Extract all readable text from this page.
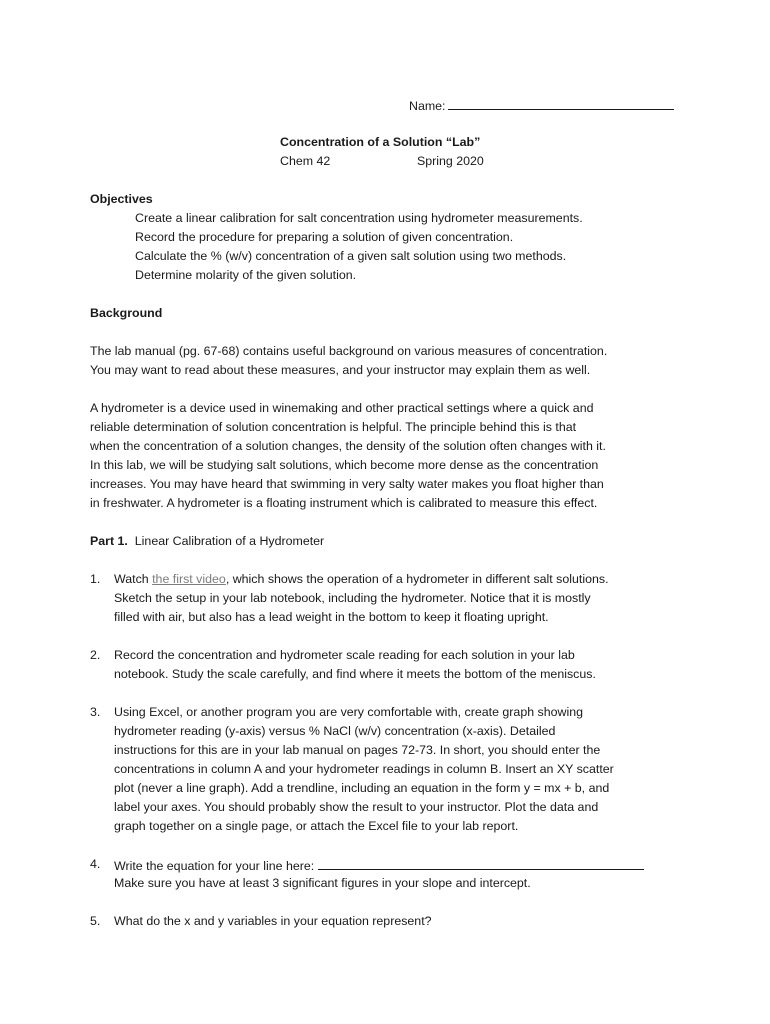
Name:
Concentration of a Solution “Lab”
Chem 42	Spring 2020
Objectives
Create a linear calibration for salt concentration using hydrometer measurements.
Record the procedure for preparing a solution of given concentration.
Calculate the % (w/v) concentration of a given salt solution using two methods.
Determine molarity of the given solution.
Background
The lab manual (pg. 67-68) contains useful background on various measures of concentration.
You may want to read about these measures, and your instructor may explain them as well.
A hydrometer is a device used in winemaking and other practical settings where a quick and
reliable determination of solution concentration is helpful. The principle behind this is that
when the concentration of a solution changes, the density of the solution often changes with it.
In this lab, we will be studying salt solutions, which become more dense as the concentration
increases. You may have heard that swimming in very salty water makes you float higher than
in freshwater. A hydrometer is a floating instrument which is calibrated to measure this effect.
Part 1. Linear Calibration of a Hydrometer
1. Watch the first video, which shows the operation of a hydrometer in different salt solutions.
Sketch the setup in your lab notebook, including the hydrometer. Notice that it is mostly
filled with air, but also has a lead weight in the bottom to keep it floating upright.
2. Record the concentration and hydrometer scale reading for each solution in your lab
notebook. Study the scale carefully, and find where it meets the bottom of the meniscus.
3. Using Excel, or another program you are very comfortable with, create graph showing
hydrometer reading (y-axis) versus % NaCl (w/v) concentration (x-axis). Detailed
instructions for this are in your lab manual on pages 72-73. In short, you should enter the
concentrations in column A and your hydrometer readings in column B. Insert an XY scatter
plot (never a line graph). Add a trendline, including an equation in the form y = mx + b, and
label your axes. You should probably show the result to your instructor. Plot the data and
graph together on a single page, or attach the Excel file to your lab report.
4. Write the equation for your line here:
Make sure you have at least 3 significant figures in your slope and intercept.
5. What do the x and y variables in your equation represent?
